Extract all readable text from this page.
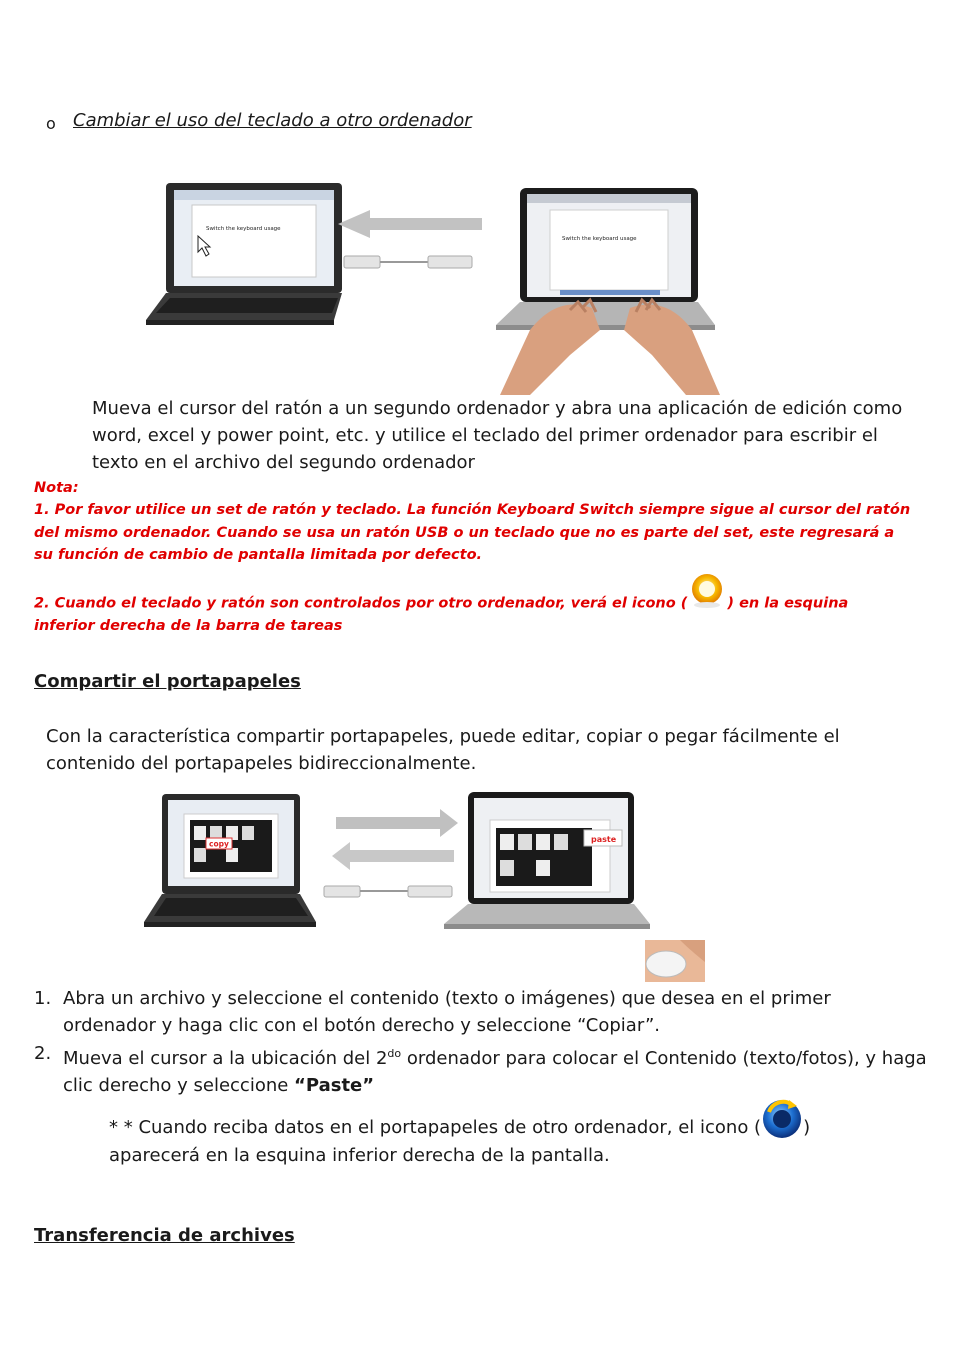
o Cambiar el uso del teclado a otro ordenador
Switch the keyboard usage
Switch the keyboard usage
Mueva el cursor del ratón a un segundo ordenador y abra una aplicación de edición como word, excel y power point, etc. y utilice el teclado del primer ordenador para escribir el texto en el archivo del segundo ordenador
Nota:
1. Por favor utilice un set de ratón y teclado. La función Keyboard Switch siempre sigue al cursor del ratón del mismo ordenador. Cuando se usa un ratón USB o un teclado que no es parte del set, este regresará a su función de cambio de pantalla limitada por defecto.
2. Cuando el teclado y ratón son controlados por otro ordenador, verá el icono (	) en la esquina inferior derecha de la barra de tareas
Compartir el portapapeles
Con la característica compartir portapapeles, puede editar, copiar o pegar fácilmente el contenido del portapapeles bidireccionalmente.
copy	paste
1. Abra un archivo y seleccione el contenido (texto o imágenes) que desea en el primer ordenador y haga clic con el botón derecho y seleccione “Copiar”.
2. Mueva el cursor a la ubicación del $2^{do}$ ordenador para colocar el Contenido (texto/fotos), y haga clic derecho y seleccione “Paste”
* * Cuando reciba datos en el portapapeles de otro ordenador, el icono ( ) aparecerá en la esquina inferior derecha de la pantalla.
Transferencia de archives
